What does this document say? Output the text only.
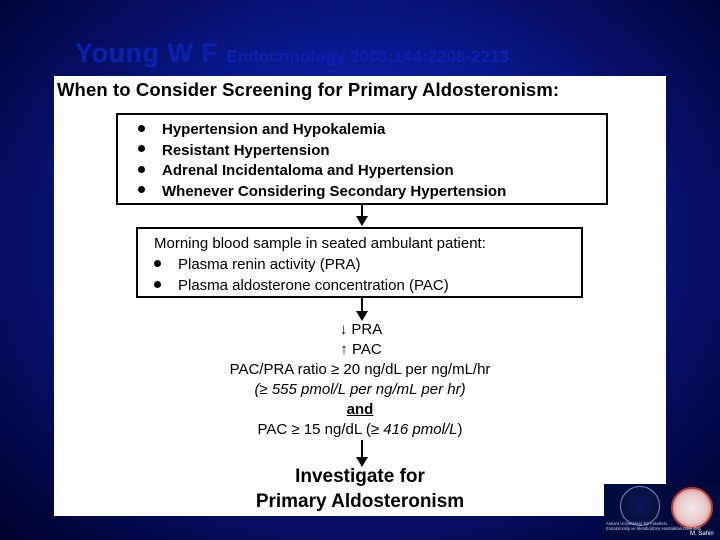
Young W F Endocrinology 2003;144:2208-2213
When to Consider Screening for Primary Aldosteronism:
Hypertension and Hypokalemia
Resistant Hypertension
Adrenal Incidentaloma and Hypertension
Whenever Considering Secondary Hypertension
Morning blood sample in seated ambulant patient:
Plasma renin activity (PRA)
Plasma aldosterone concentration (PAC)
↓ PRA
↑ PAC
PAC/PRA ratio ≥ 20 ng/dL per ng/mL/hr
(≥ 555 pmol/L per ng/mL per hr)
and
PAC ≥ 15 ng/dL (≥ 416 pmol/L)
Investigate for
Primary Aldosteronism
Ankara Universitesi Tip Fakultesi
Endokrinoloji ve Metabolizma Hastaliklari Bilim Dali
M. Sahin
